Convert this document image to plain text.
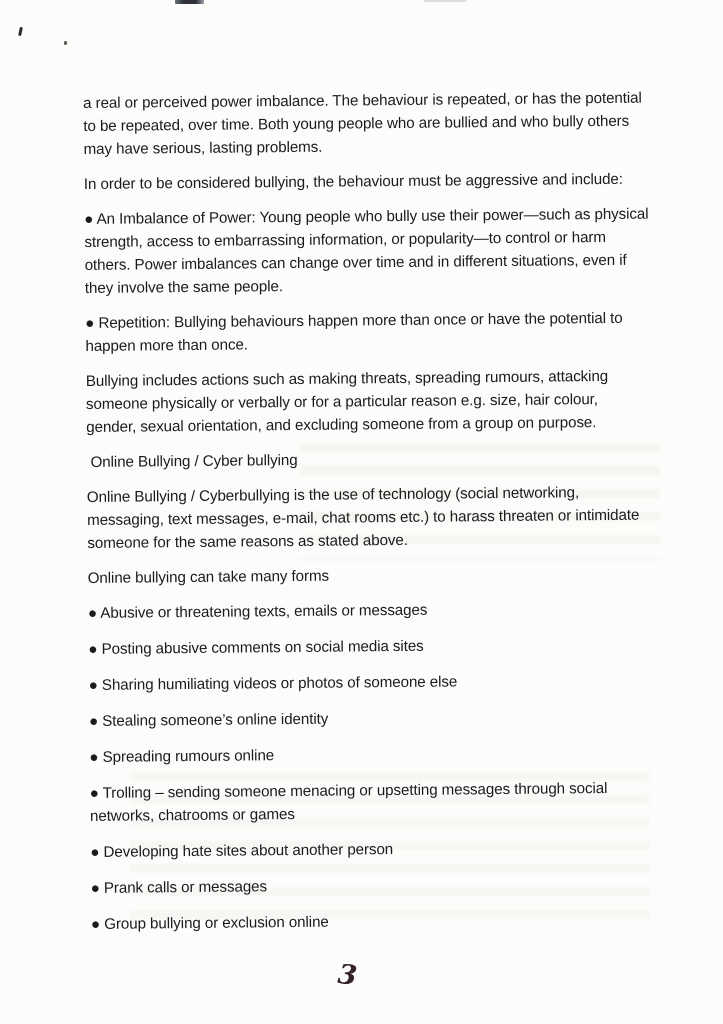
a real or perceived power imbalance. The behaviour is repeated, or has the potential
to be repeated, over time. Both young people who are bullied and who bully others
may have serious, lasting problems.

In order to be considered bullying, the behaviour must be aggressive and include:

● An Imbalance of Power: Young people who bully use their power—such as physical
strength, access to embarrassing information, or popularity—to control or harm
others. Power imbalances can change over time and in different situations, even if
they involve the same people.

● Repetition: Bullying behaviours happen more than once or have the potential to
happen more than once.

Bullying includes actions such as making threats, spreading rumours, attacking
someone physically or verbally or for a particular reason e.g. size, hair colour,
gender, sexual orientation, and excluding someone from a group on purpose.

Online Bullying / Cyber bullying

Online Bullying / Cyberbullying is the use of technology (social networking,
messaging, text messages, e-mail, chat rooms etc.) to harass threaten or intimidate
someone for the same reasons as stated above.

Online bullying can take many forms

● Abusive or threatening texts, emails or messages

● Posting abusive comments on social media sites

● Sharing humiliating videos or photos of someone else

● Stealing someone’s online identity

● Spreading rumours online

● Trolling – sending someone menacing or upsetting messages through social
networks, chatrooms or games

● Developing hate sites about another person

● Prank calls or messages

● Group bullying or exclusion online

3
